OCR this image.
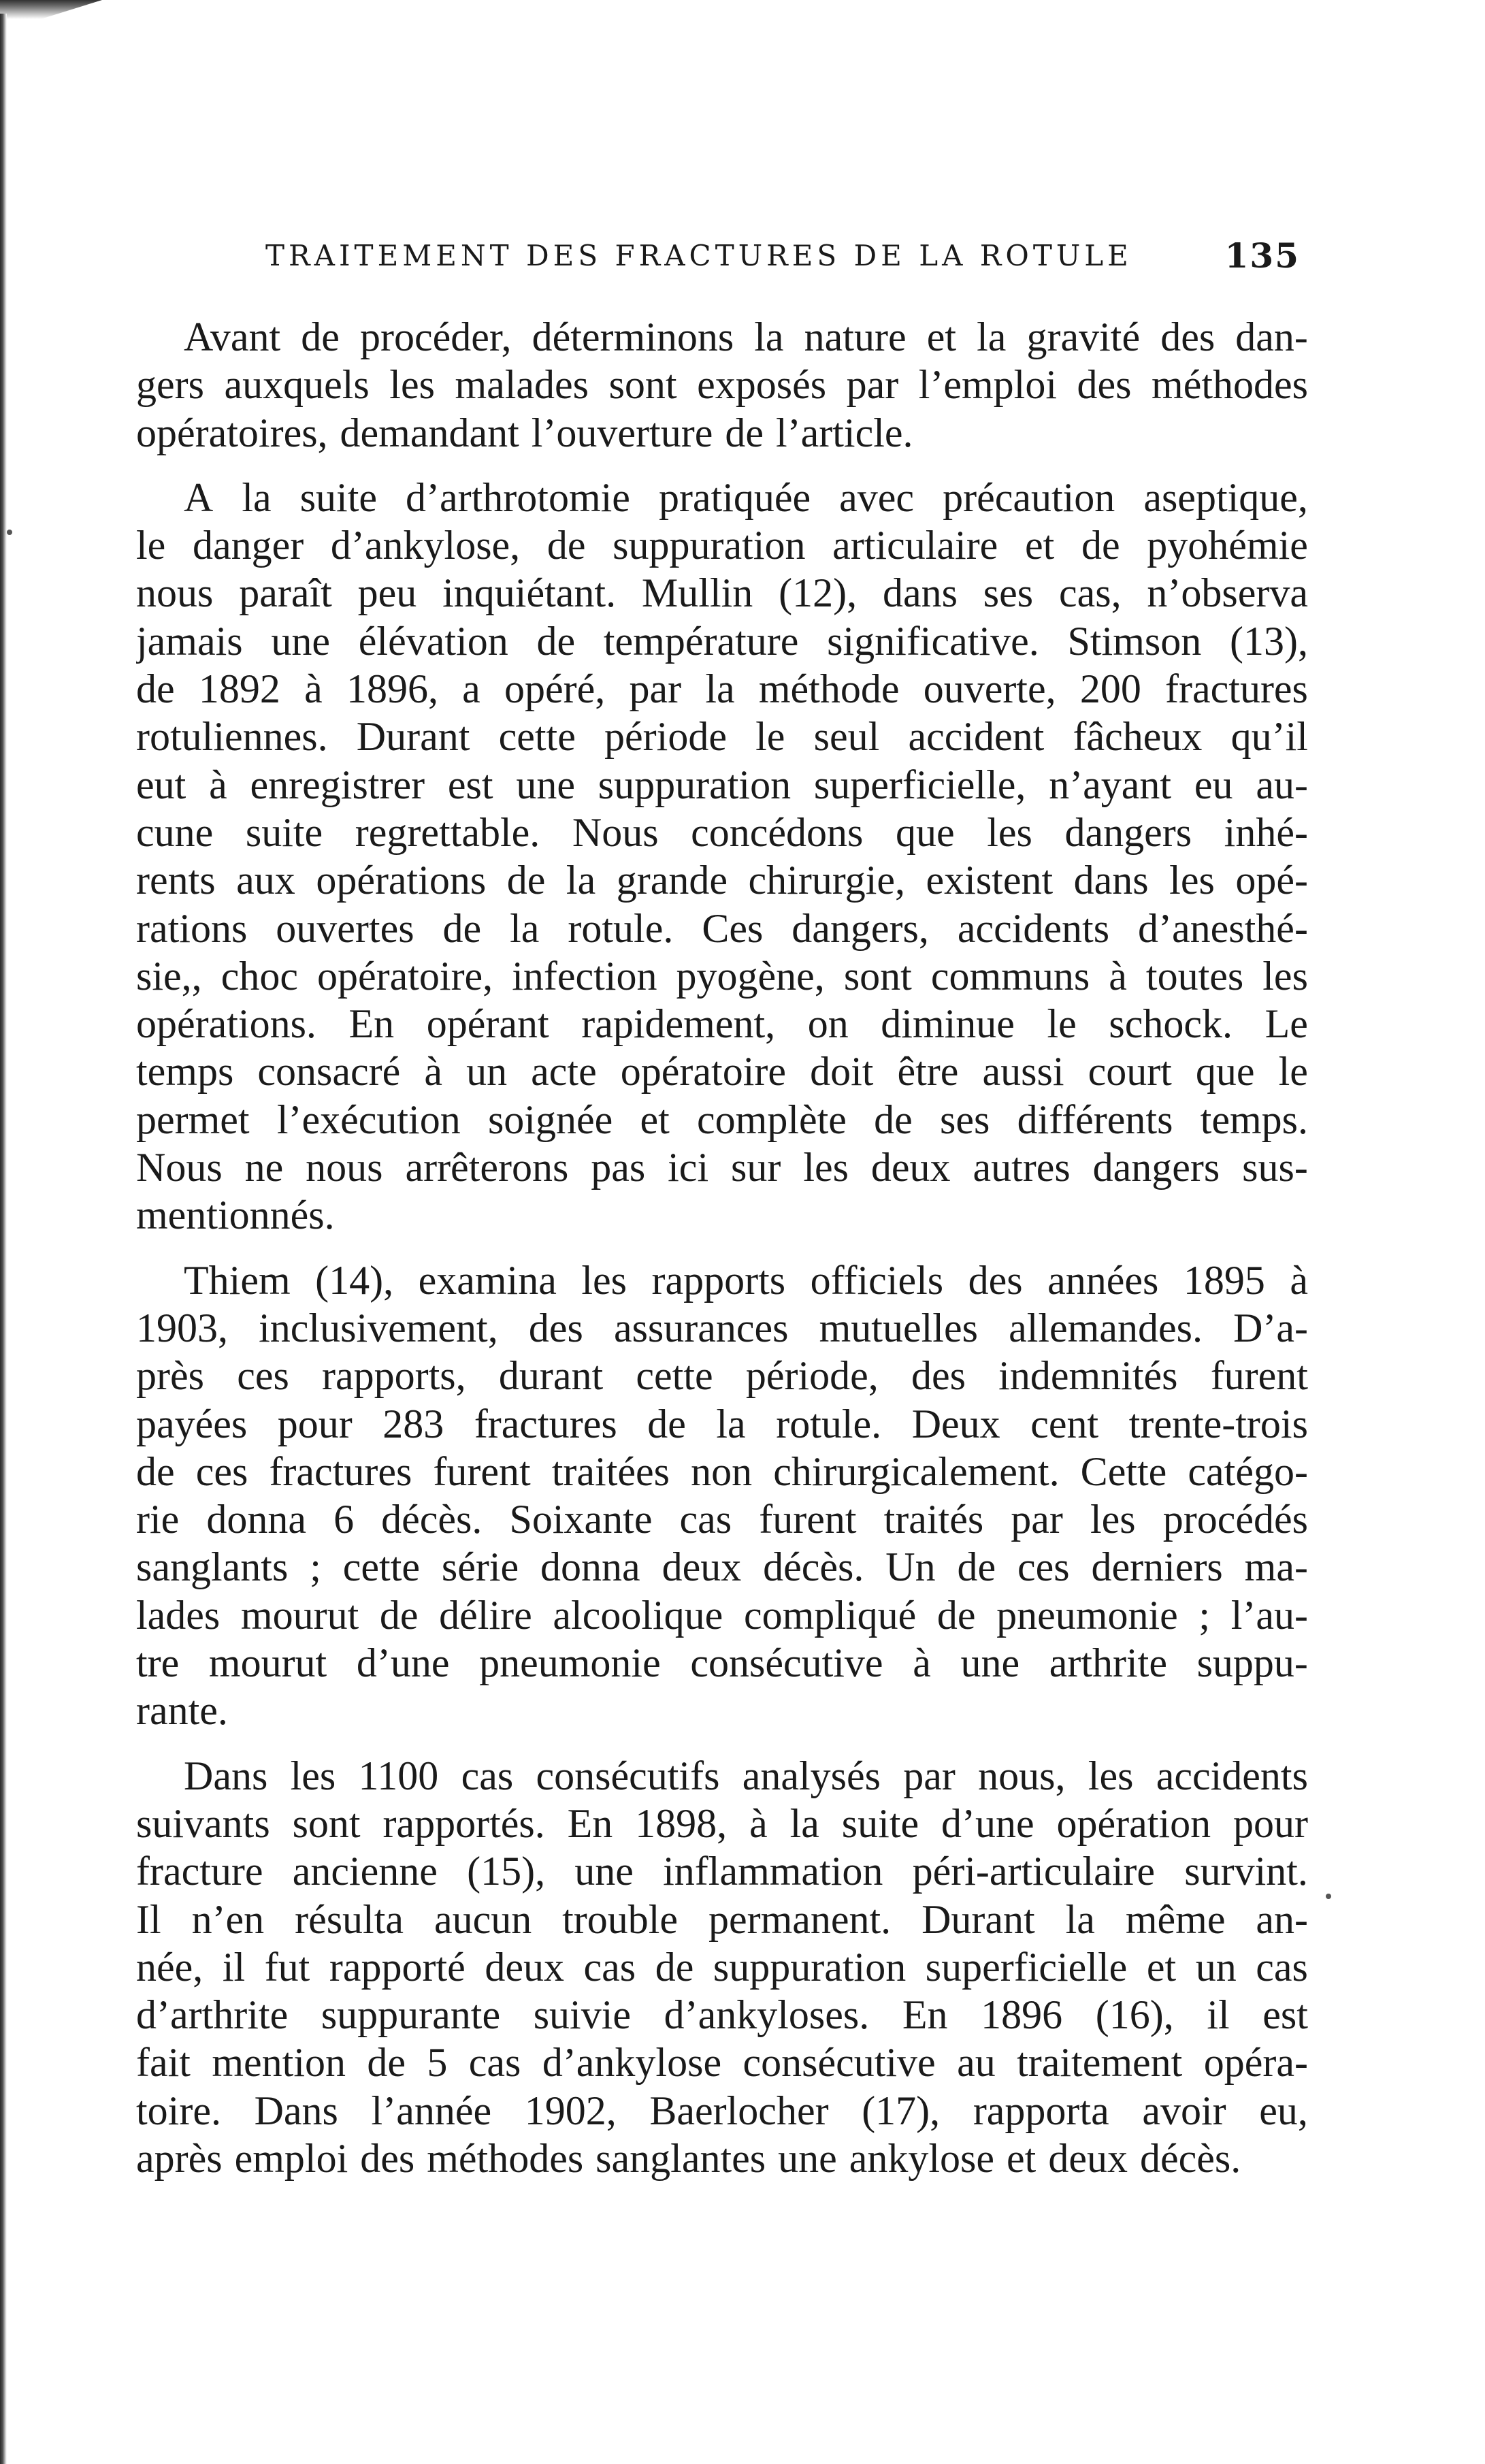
TRAITEMENT DES FRACTURES DE LA ROTULE	135
Avant de procéder, déterminons la nature et la gravité des dan-
gers auxquels les malades sont exposés par l’emploi des méthodes
opératoires, demandant l’ouverture de l’article.
A la suite d’arthrotomie pratiquée avec précaution aseptique,
le danger d’ankylose, de suppuration articulaire et de pyohémie
nous paraît peu inquiétant. Mullin (12), dans ses cas, n’observa
jamais une élévation de température significative. Stimson (13),
de 1892 à 1896, a opéré, par la méthode ouverte, 200 fractures
rotuliennes. Durant cette période le seul accident fâcheux qu’il
eut à enregistrer est une suppuration superficielle, n’ayant eu au-
cune suite regrettable. Nous concédons que les dangers inhé-
rents aux opérations de la grande chirurgie, existent dans les opé-
rations ouvertes de la rotule. Ces dangers, accidents d’anesthé-
sie,, choc opératoire, infection pyogène, sont communs à toutes les
opérations. En opérant rapidement, on diminue le schock. Le
temps consacré à un acte opératoire doit être aussi court que le
permet l’exécution soignée et complète de ses différents temps.
Nous ne nous arrêterons pas ici sur les deux autres dangers sus-
mentionnés.
Thiem (14), examina les rapports officiels des années 1895 à
1903, inclusivement, des assurances mutuelles allemandes. D’a-
près ces rapports, durant cette période, des indemnités furent
payées pour 283 fractures de la rotule. Deux cent trente-trois
de ces fractures furent traitées non chirurgicalement. Cette catégo-
rie donna 6 décès. Soixante cas furent traités par les procédés
sanglants ; cette série donna deux décès. Un de ces derniers ma-
lades mourut de délire alcoolique compliqué de pneumonie ; l’au-
tre mourut d’une pneumonie consécutive à une arthrite suppu-
rante.
Dans les 1100 cas consécutifs analysés par nous, les accidents
suivants sont rapportés. En 1898, à la suite d’une opération pour
fracture ancienne (15), une inflammation péri-articulaire survint.
Il n’en résulta aucun trouble permanent. Durant la même an-
née, il fut rapporté deux cas de suppuration superficielle et un cas
d’arthrite suppurante suivie d’ankyloses. En 1896 (16), il est
fait mention de 5 cas d’ankylose consécutive au traitement opéra-
toire. Dans l’année 1902, Baerlocher (17), rapporta avoir eu,
après emploi des méthodes sanglantes une ankylose et deux décès.
